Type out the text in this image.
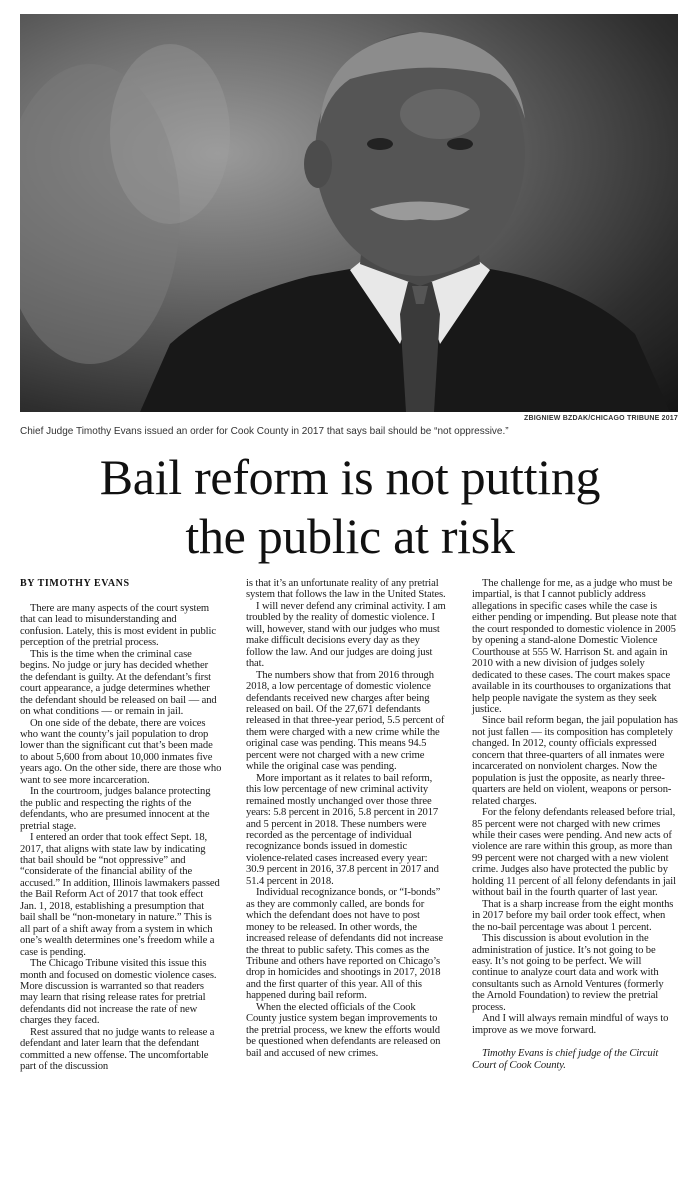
ZBIGNIEW BZDAK/CHICAGO TRIBUNE 2017
Chief Judge Timothy Evans issued an order for Cook County in 2017 that says bail should be “not oppressive.”
Bail reform is not putting
the public at risk
BY TIMOTHY EVANS

There are many aspects of the court system that can lead to misunderstanding and confusion. Lately, this is most evident in public perception of the pretrial process.

This is the time when the criminal case begins. No judge or jury has decided whether the defendant is guilty. At the defendant’s first court appearance, a judge determines whether the defendant should be released on bail — and on what conditions — or remain in jail.

On one side of the debate, there are voices who want the county’s jail population to drop lower than the significant cut that’s been made to about 5,600 from about 10,000 inmates five years ago. On the other side, there are those who want to see more incarceration.

In the courtroom, judges balance protecting the public and respecting the rights of the defendants, who are presumed innocent at the pretrial stage.

I entered an order that took effect Sept. 18, 2017, that aligns with state law by indicating that bail should be “not oppressive” and “considerate of the financial ability of the accused.” In addition, Illinois lawmakers passed the Bail Reform Act of 2017 that took effect Jan. 1, 2018, establishing a presumption that bail shall be “non-monetary in nature.” This is all part of a shift away from a system in which one’s wealth determines one’s freedom while a case is pending.

The Chicago Tribune visited this issue this month and focused on domestic violence cases. More discussion is warranted so that readers may learn that rising release rates for pretrial defendants did not increase the rate of new charges they faced.

Rest assured that no judge wants to release a defendant and later learn that the defendant committed a new offense. The uncomfortable part of the discussion

is that it’s an unfortunate reality of any pretrial system that follows the law in the United States.

I will never defend any criminal activity. I am troubled by the reality of domestic violence. I will, however, stand with our judges who must make difficult decisions every day as they follow the law. And our judges are doing just that.

The numbers show that from 2016 through 2018, a low percentage of domestic violence defendants received new charges after being released on bail. Of the 27,671 defendants released in that three-year period, 5.5 percent of them were charged with a new crime while the original case was pending. This means 94.5 percent were not charged with a new crime while the original case was pending.

More important as it relates to bail reform, this low percentage of new criminal activity remained mostly unchanged over those three years: 5.8 percent in 2016, 5.8 percent in 2017 and 5 percent in 2018. These numbers were recorded as the percentage of individual recognizance bonds issued in domestic violence-related cases increased every year: 30.9 percent in 2016, 37.8 percent in 2017 and 51.4 percent in 2018.

Individual recognizance bonds, or “I-bonds” as they are commonly called, are bonds for which the defendant does not have to post money to be released. In other words, the increased release of defendants did not increase the threat to public safety. This comes as the Tribune and others have reported on Chicago’s drop in homicides and shootings in 2017, 2018 and the first quarter of this year. All of this happened during bail reform.

When the elected officials of the Cook County justice system began improvements to the pretrial process, we knew the efforts would be questioned when defendants are released on bail and accused of new crimes.

The challenge for me, as a judge who must be impartial, is that I cannot publicly address allegations in specific cases while the case is either pending or impending. But please note that the court responded to domestic violence in 2005 by opening a stand-alone Domestic Violence Courthouse at 555 W. Harrison St. and again in 2010 with a new division of judges solely dedicated to these cases. The court makes space available in its courthouses to organizations that help people navigate the system as they seek justice.

Since bail reform began, the jail population has not just fallen — its composition has completely changed. In 2012, county officials expressed concern that three-quarters of all inmates were incarcerated on nonviolent charges. Now the population is just the opposite, as nearly three-quarters are held on violent, weapons or person-related charges.

For the felony defendants released before trial, 85 percent were not charged with new crimes while their cases were pending. And new acts of violence are rare within this group, as more than 99 percent were not charged with a new violent crime. Judges also have protected the public by holding 11 percent of all felony defendants in jail without bail in the fourth quarter of last year.

That is a sharp increase from the eight months in 2017 before my bail order took effect, when the no-bail percentage was about 1 percent.

This discussion is about evolution in the administration of justice. It’s not going to be easy. It’s not going to be perfect. We will continue to analyze court data and work with consultants such as Arnold Ventures (formerly the Arnold Foundation) to review the pretrial process.

And I will always remain mindful of ways to improve as we move forward.

Timothy Evans is chief judge of the Circuit Court of Cook County.
